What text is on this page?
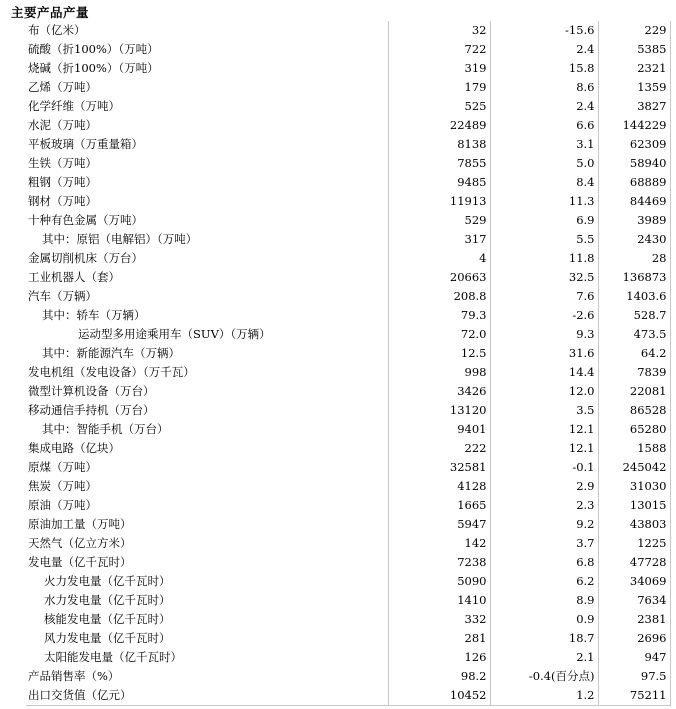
主要产品产量
布（亿米）	32	-15.6	229	
硫酸（折100%）（万吨）	722	2.4	5385	
烧碱（折100%）（万吨）	319	15.8	2321	
乙烯（万吨）	179	8.6	1359	
化学纤维（万吨）	525	2.4	3827	
水泥（万吨）	22489	6.6	144229	
平板玻璃（万重量箱）	8138	3.1	62309	
生铁（万吨）	7855	5.0	58940	
粗钢（万吨）	9485	8.4	68889	
钢材（万吨）	11913	11.3	84469	
十种有色金属（万吨）	529	6.9	3989	
其中：原铝（电解铝）（万吨）	317	5.5	2430	
金属切削机床（万台）	4	11.8	28	
工业机器人（套）	20663	32.5	136873	
汽车（万辆）	208.8	7.6	1403.6	
其中：轿车（万辆）	79.3	-2.6	528.7	
运动型多用途乘用车（SUV）（万辆）	72.0	9.3	473.5	
其中：新能源汽车（万辆）	12.5	31.6	64.2	
发电机组（发电设备）（万千瓦）	998	14.4	7839	
微型计算机设备（万台）	3426	12.0	22081	
移动通信手持机（万台）	13120	3.5	86528	
其中：智能手机（万台）	9401	12.1	65280	
集成电路（亿块）	222	12.1	1588	
原煤（万吨）	32581	-0.1	245042	
焦炭（万吨）	4128	2.9	31030	
原油（万吨）	1665	2.3	13015	
原油加工量（万吨）	5947	9.2	43803	
天然气（亿立方米）	142	3.7	1225	
发电量（亿千瓦时）	7238	6.8	47728	
火力发电量（亿千瓦时）	5090	6.2	34069	
水力发电量（亿千瓦时）	1410	8.9	7634	
核能发电量（亿千瓦时）	332	0.9	2381	
风力发电量（亿千瓦时）	281	18.7	2696	
太阳能发电量（亿千瓦时）	126	2.1	947	
产品销售率（%）	98.2	-0.4(百分点)	97.5	
出口交货值（亿元）	10452	1.2	75211	
